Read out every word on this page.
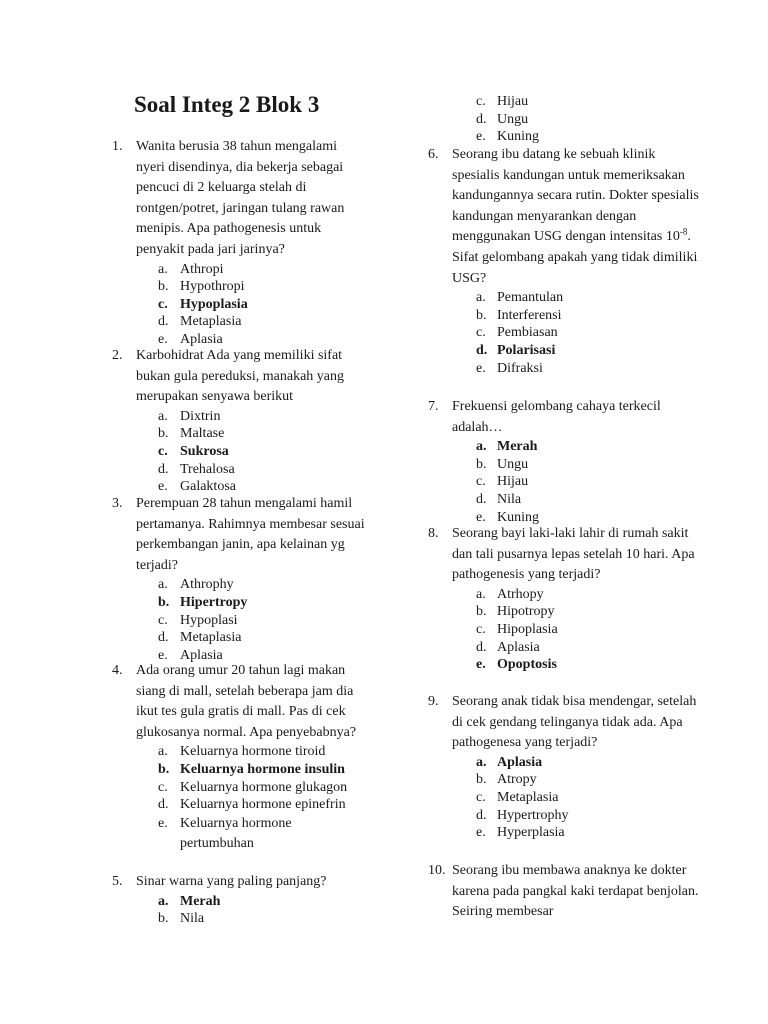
Soal Integ 2 Blok 3
1. Wanita berusia 38 tahun mengalami nyeri disendinya, dia bekerja sebagai pencuci di 2 keluarga stelah di rontgen/potret, jaringan tulang rawan menipis. Apa pathogenesis untuk penyakit pada jari jarinya?
a. Athropi
b. Hypothropi
c. Hypoplasia
d. Metaplasia
e. Aplasia
2. Karbohidrat Ada yang memiliki sifat bukan gula pereduksi, manakah yang merupakan senyawa berikut
a. Dixtrin
b. Maltase
c. Sukrosa
d. Trehalosa
e. Galaktosa
3. Perempuan 28 tahun mengalami hamil pertamanya. Rahimnya membesar sesuai perkembangan janin, apa kelainan yg terjadi?
a. Athrophy
b. Hipertropy
c. Hypoplasi
d. Metaplasia
e. Aplasia
4. Ada orang umur 20 tahun lagi makan siang di mall, setelah beberapa jam dia ikut tes gula gratis di mall. Pas di cek glukosanya normal. Apa penyebabnya?
a. Keluarnya hormone tiroid
b. Keluarnya hormone insulin
c. Keluarnya hormone glukagon
d. Keluarnya hormone epinefrin
e. Keluarnya hormone pertumbuhan
5. Sinar warna yang paling panjang?
a. Merah
b. Nila
c. Hijau
d. Ungu
e. Kuning
6. Seorang ibu datang ke sebuah klinik spesialis kandungan untuk memeriksakan kandungannya secara rutin. Dokter spesialis kandungan menyarankan dengan menggunakan USG dengan intensitas $10^{-8}$. Sifat gelombang apakah yang tidak dimiliki USG?
a. Pemantulan
b. Interferensi
c. Pembiasan
d. Polarisasi
e. Difraksi
7. Frekuensi gelombang cahaya terkecil adalah…
a. Merah
b. Ungu
c. Hijau
d. Nila
e. Kuning
8. Seorang bayi laki-laki lahir di rumah sakit dan tali pusarnya lepas setelah 10 hari. Apa pathogenesis yang terjadi?
a. Atrhopy
b. Hipotropy
c. Hipoplasia
d. Aplasia
e. Opoptosis
9. Seorang anak tidak bisa mendengar, setelah di cek gendang telinganya tidak ada. Apa pathogenesa yang terjadi?
a. Aplasia
b. Atropy
c. Metaplasia
d. Hypertrophy
e. Hyperplasia
10. Seorang ibu membawa anaknya ke dokter karena pada pangkal kaki terdapat benjolan. Seiring membesar
